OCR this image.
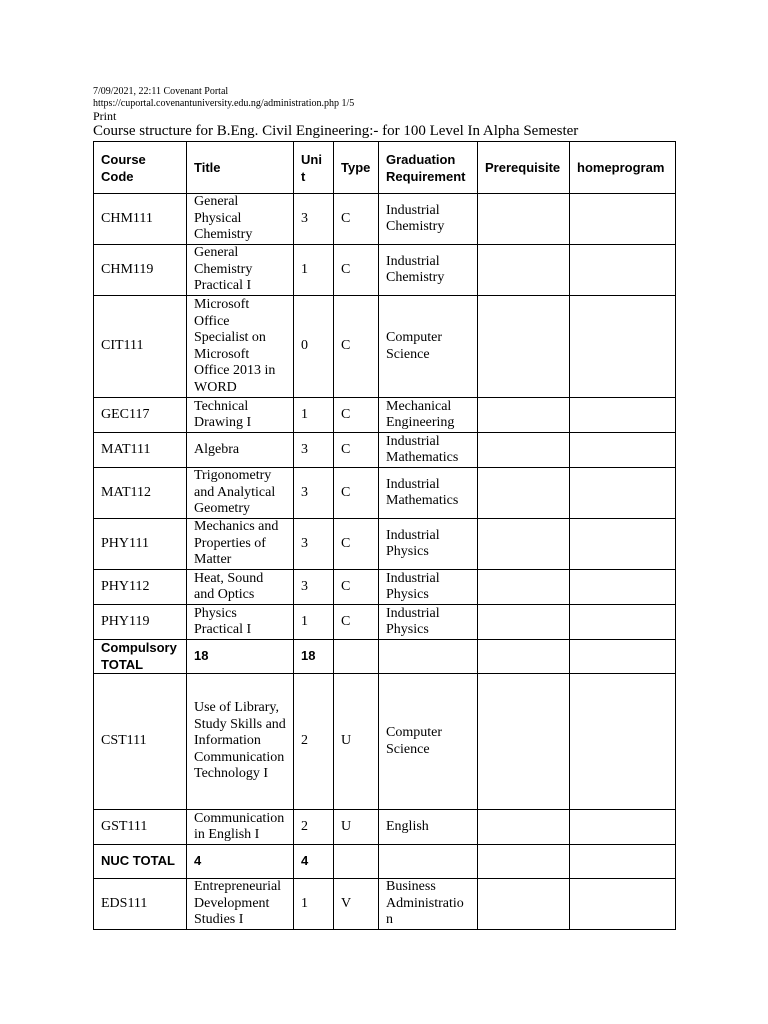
7/09/2021, 22:11 Covenant Portal
https://cuportal.covenantuniversity.edu.ng/administration.php 1/5
Print
Course structure for B.Eng. Civil Engineering:- for 100 Level In Alpha Semester
Course Code	Title	Unit	Type	Graduation Requirement	Prerequisite	homeprogram
CHM111	General Physical Chemistry	3	C	Industrial Chemistry		
CHM119	General Chemistry Practical I	1	C	Industrial Chemistry		
CIT111	Microsoft Office Specialist on Microsoft Office 2013 in WORD	0	C	Computer Science		
GEC117	Technical Drawing I	1	C	Mechanical Engineering		
MAT111	Algebra	3	C	Industrial Mathematics		
MAT112	Trigonometry and Analytical Geometry	3	C	Industrial Mathematics		
PHY111	Mechanics and Properties of Matter	3	C	Industrial Physics		
PHY112	Heat, Sound and Optics	3	C	Industrial Physics		
PHY119	Physics Practical I	1	C	Industrial Physics		
Compulsory TOTAL	18	18				
CST111	Use of Library, Study Skills and Information Communication Technology I	2	U	Computer Science		
GST111	Communication in English I	2	U	English		
NUC TOTAL	4	4				
EDS111	Entrepreneurial Development Studies I	1	V	Business Administration		
